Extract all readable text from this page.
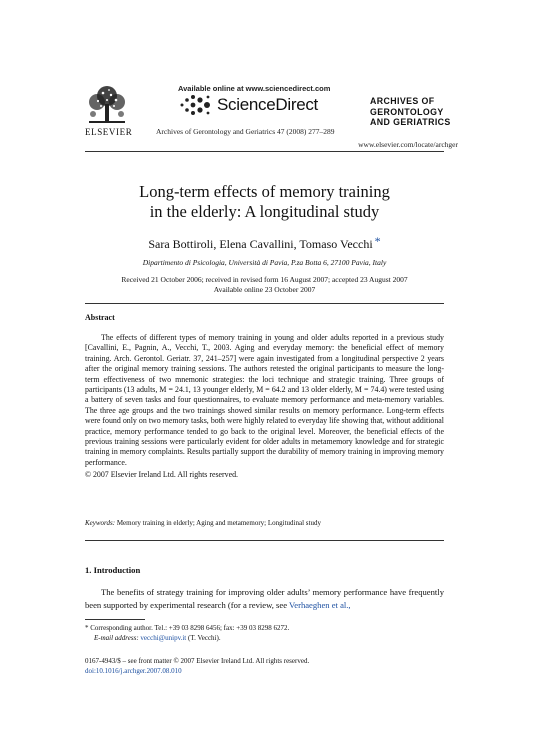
ELSEVIER
Available online at www.sciencedirect.com
ScienceDirect
Archives of Gerontology and Geriatrics 47 (2008) 277–289
ARCHIVES OF
GERONTOLOGY
AND GERIATRICS
www.elsevier.com/locate/archger
Long-term effects of memory training
in the elderly: A longitudinal study
Sara Bottiroli, Elena Cavallini, Tomaso Vecchi *
Dipartimento di Psicologia, Università di Pavia, P.za Botta 6, 27100 Pavia, Italy
Received 21 October 2006; received in revised form 16 August 2007; accepted 23 August 2007
Available online 23 October 2007
Abstract
The effects of different types of memory training in young and older adults reported in a previous study [Cavallini, E., Pagnin, A., Vecchi, T., 2003. Aging and everyday memory: the beneficial effect of memory training. Arch. Gerontol. Geriatr. 37, 241–257] were again investigated from a longitudinal perspective 2 years after the original memory training sessions. The authors retested the original participants to measure the long-term effectiveness of two mnemonic strategies: the loci technique and strategic training. Three groups of participants (13 adults, M = 24.1, 13 younger elderly, M = 64.2 and 13 older elderly, M = 74.4) were tested using a battery of seven tasks and four questionnaires, to evaluate memory performance and meta-memory variables. The three age groups and the two trainings showed similar results on memory performance. Long-term effects were found only on two memory tasks, both were highly related to everyday life showing that, without additional practice, memory performance tended to go back to the original level. Moreover, the beneficial effects of the previous training sessions were particularly evident for older adults in metamemory knowledge and for strategic training in memory complaints. Results partially support the durability of memory training in improving memory performance.
© 2007 Elsevier Ireland Ltd. All rights reserved.
Keywords: Memory training in elderly; Aging and metamemory; Longitudinal study
1. Introduction
The benefits of strategy training for improving older adults’ memory performance have frequently been supported by experimental research (for a review, see Verhaeghen et al.,
* Corresponding author. Tel.: +39 03 8298 6456; fax: +39 03 8298 6272.
E-mail address: vecchi@unipv.it (T. Vecchi).
0167-4943/$ – see front matter © 2007 Elsevier Ireland Ltd. All rights reserved.
doi:10.1016/j.archger.2007.08.010
